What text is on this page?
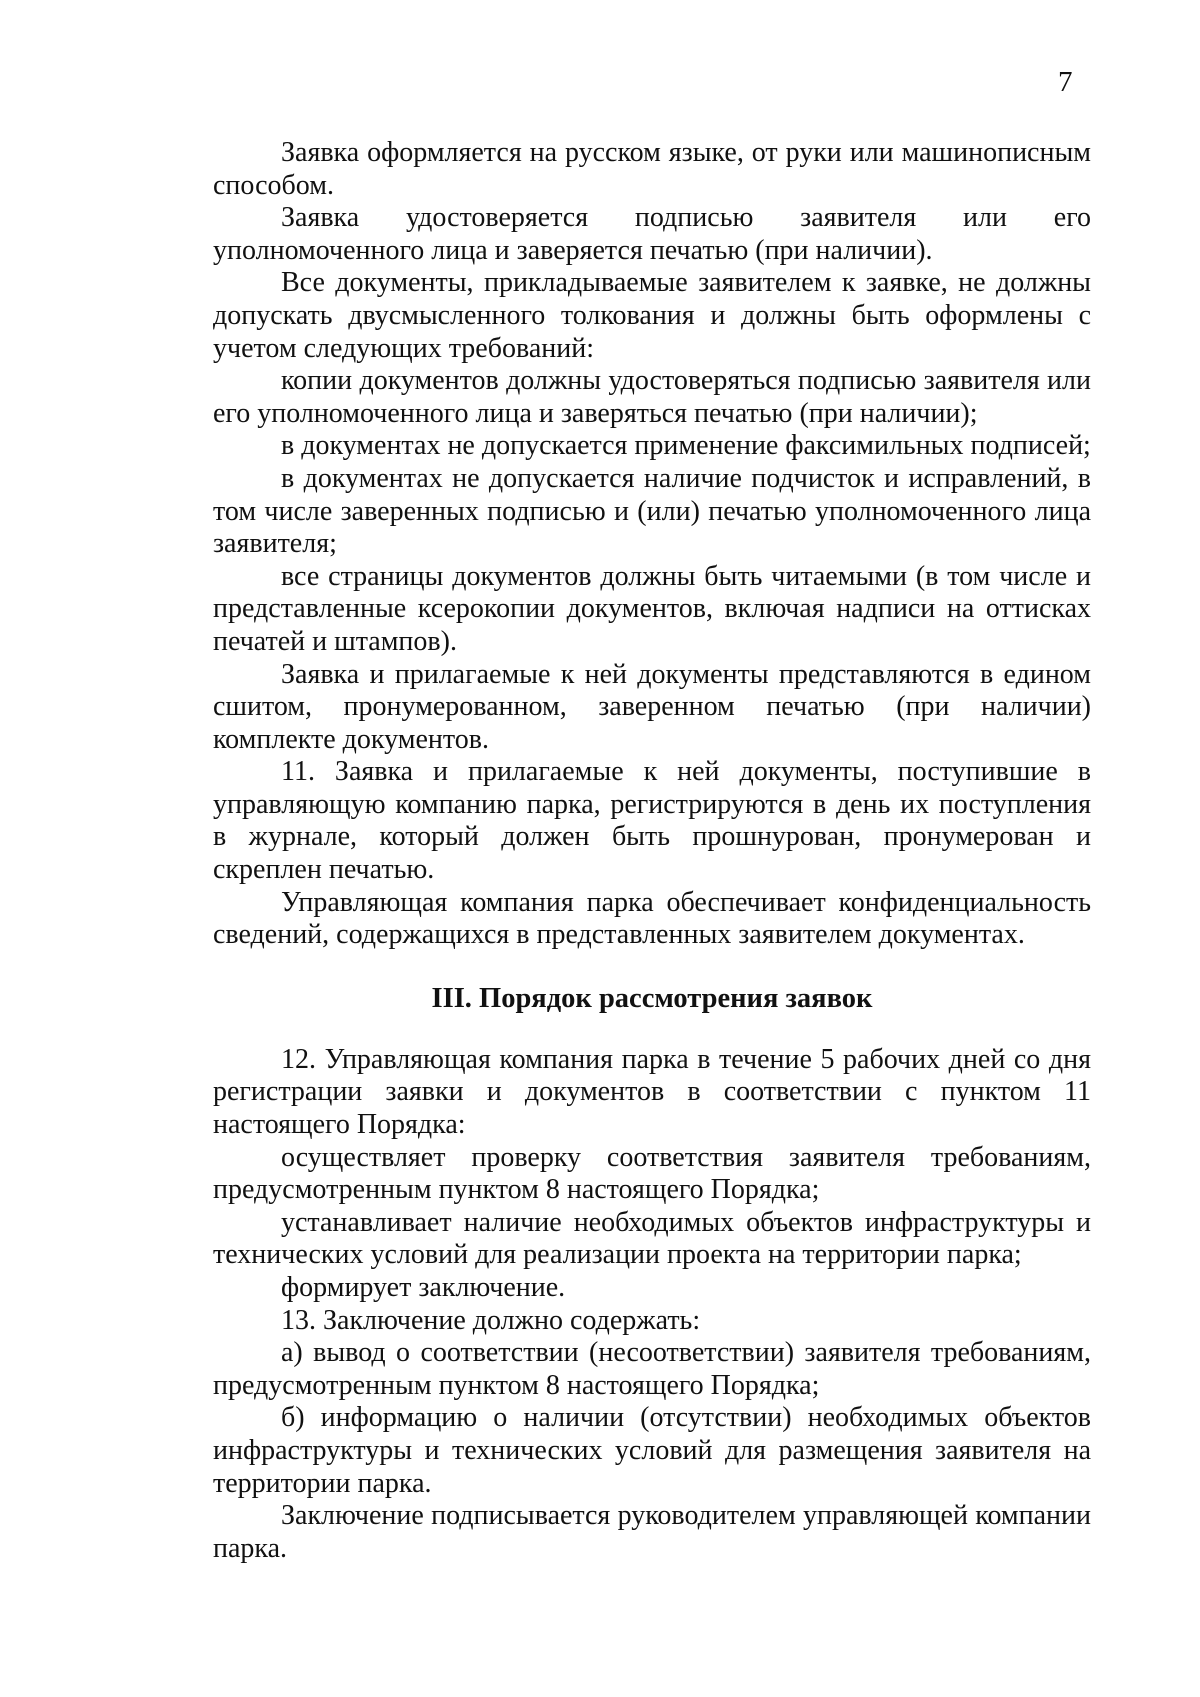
7

Заявка оформляется на русском языке, от руки или машинописным способом.

Заявка удостоверяется подписью заявителя или его уполномоченного лица и заверяется печатью (при наличии).

Все документы, прикладываемые заявителем к заявке, не должны допускать двусмысленного толкования и должны быть оформлены с учетом следующих требований:

копии документов должны удостоверяться подписью заявителя или его уполномоченного лица и заверяться печатью (при наличии);

в документах не допускается применение факсимильных подписей;

в документах не допускается наличие подчисток и исправлений, в том числе заверенных подписью и (или) печатью уполномоченного лица заявителя;

все страницы документов должны быть читаемыми (в том числе и представленные ксерокопии документов, включая надписи на оттисках печатей и штампов).

Заявка и прилагаемые к ней документы представляются в едином сшитом, пронумерованном, заверенном печатью (при наличии) комплекте документов.

11. Заявка и прилагаемые к ней документы, поступившие в управляющую компанию парка, регистрируются в день их поступления в журнале, который должен быть прошнурован, пронумерован и скреплен печатью.

Управляющая компания парка обеспечивает конфиденциальность сведений, содержащихся в представленных заявителем документах.

III. Порядок рассмотрения заявок

12. Управляющая компания парка в течение 5 рабочих дней со дня регистрации заявки и документов в соответствии с пунктом 11 настоящего Порядка:

осуществляет проверку соответствия заявителя требованиям, предусмотренным пунктом 8 настоящего Порядка;

устанавливает наличие необходимых объектов инфраструктуры и технических условий для реализации проекта на территории парка;

формирует заключение.

13. Заключение должно содержать:

а) вывод о соответствии (несоответствии) заявителя требованиям, предусмотренным пунктом 8 настоящего Порядка;

б) информацию о наличии (отсутствии) необходимых объектов инфраструктуры и технических условий для размещения заявителя на территории парка.

Заключение подписывается руководителем управляющей компании парка.
